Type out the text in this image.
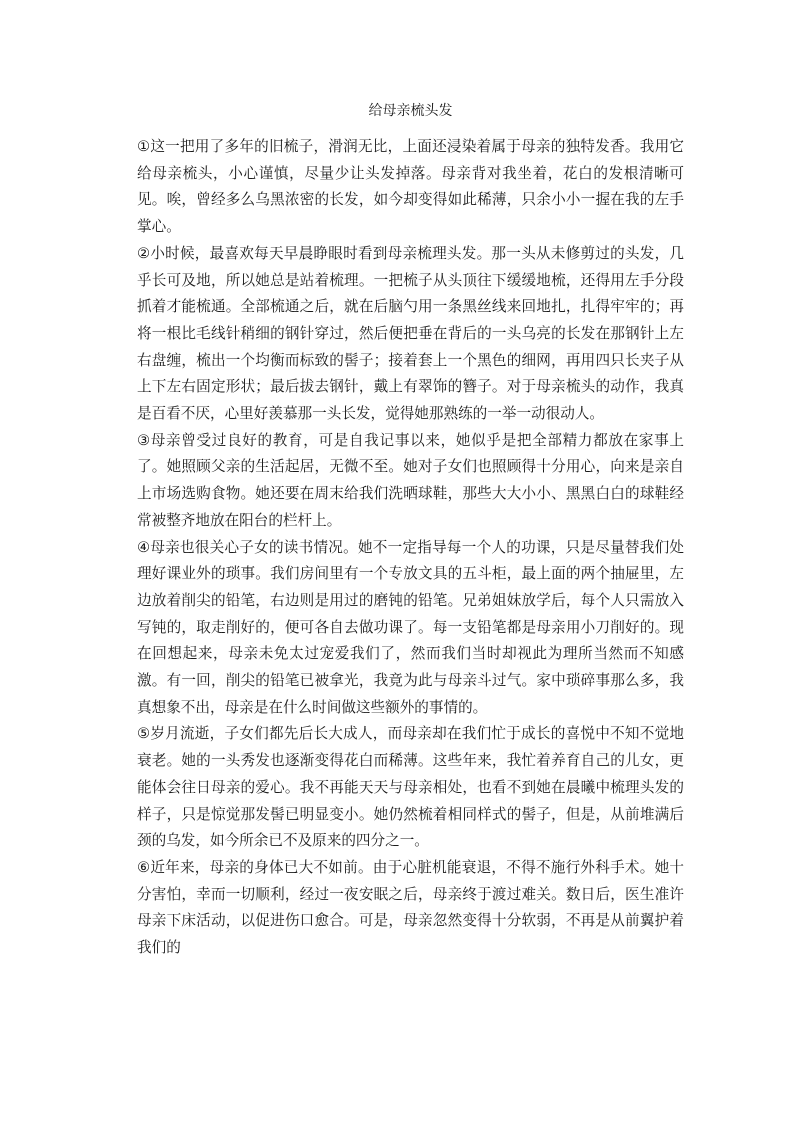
给母亲梳头发

①这一把用了多年的旧梳子，滑润无比，上面还浸染着属于母亲的独特发香。我用它给母亲梳头，小心谨慎，尽量少让头发掉落。母亲背对我坐着，花白的发根清晰可见。唉，曾经多么乌黑浓密的长发，如今却变得如此稀薄，只余小小一握在我的左手掌心。

②小时候，最喜欢每天早晨睁眼时看到母亲梳理头发。那一头从未修剪过的头发，几乎长可及地，所以她总是站着梳理。一把梳子从头顶往下缓缓地梳，还得用左手分段抓着才能梳通。全部梳通之后，就在后脑勺用一条黑丝线来回地扎，扎得牢牢的；再将一根比毛线针稍细的钢针穿过，然后便把垂在背后的一头乌亮的长发在那钢针上左右盘缠，梳出一个均衡而标致的髻子；接着套上一个黑色的细网，再用四只长夹子从上下左右固定形状；最后拔去钢针，戴上有翠饰的簪子。对于母亲梳头的动作，我真是百看不厌，心里好羡慕那一头长发，觉得她那熟练的一举一动很动人。

③母亲曾受过良好的教育，可是自我记事以来，她似乎是把全部精力都放在家事上了。她照顾父亲的生活起居，无微不至。她对子女们也照顾得十分用心，向来是亲自上市场选购食物。她还要在周末给我们洗晒球鞋，那些大大小小、黑黑白白的球鞋经常被整齐地放在阳台的栏杆上。

④母亲也很关心子女的读书情况。她不一定指导每一个人的功课，只是尽量替我们处理好课业外的琐事。我们房间里有一个专放文具的五斗柜，最上面的两个抽屉里，左边放着削尖的铅笔，右边则是用过的磨钝的铅笔。兄弟姐妹放学后，每个人只需放入写钝的，取走削好的，便可各自去做功课了。每一支铅笔都是母亲用小刀削好的。现在回想起来，母亲未免太过宠爱我们了，然而我们当时却视此为理所当然而不知感激。有一回，削尖的铅笔已被拿光，我竟为此与母亲斗过气。家中琐碎事那么多，我真想象不出，母亲是在什么时间做这些额外的事情的。

⑤岁月流逝，子女们都先后长大成人，而母亲却在我们忙于成长的喜悦中不知不觉地衰老。她的一头秀发也逐渐变得花白而稀薄。这些年来，我忙着养育自己的儿女，更能体会往日母亲的爱心。我不再能天天与母亲相处，也看不到她在晨曦中梳理头发的样子，只是惊觉那发髻已明显变小。她仍然梳着相同样式的髻子，但是，从前堆满后颈的乌发，如今所余已不及原来的四分之一。

⑥近年来，母亲的身体已大不如前。由于心脏机能衰退，不得不施行外科手术。她十分害怕，幸而一切顺利，经过一夜安眠之后，母亲终于渡过难关。数日后，医生准许母亲下床活动，以促进伤口愈合。可是，母亲忽然变得十分软弱，不再是从前翼护着我们的
